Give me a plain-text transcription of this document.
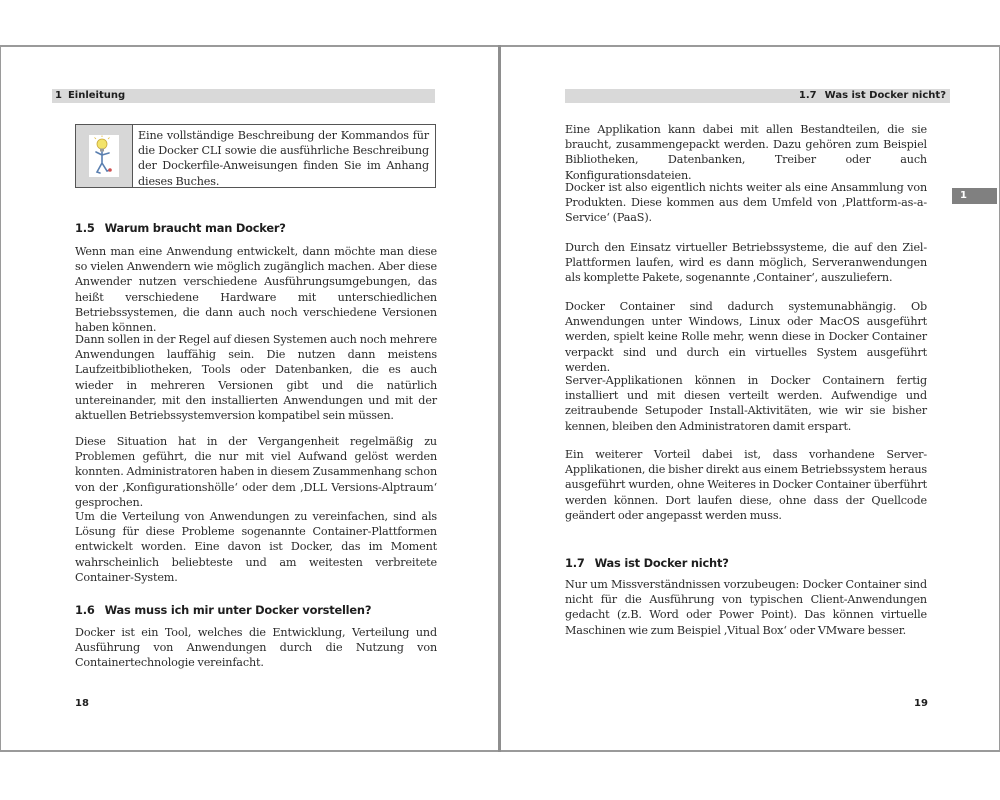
1 Einleitung
Eine vollständige Beschreibung der Kommandos für die Docker CLI sowie die ausführliche Beschreibung der Dockerfile-Anweisungen finden Sie im Anhang dieses Buches.
1.5 Warum braucht man Docker?

Wenn man eine Anwendung entwickelt, dann möchte man diese so vielen Anwendern wie möglich zugänglich machen. Aber diese Anwender nutzen verschiedene Ausführungsumgebungen, das heißt verschiedene Hardware mit unterschiedlichen Betriebssystemen, die dann auch noch verschiedene Versionen haben können.

Dann sollen in der Regel auf diesen Systemen auch noch mehrere Anwendungen lauffähig sein. Die nutzen dann meistens Laufzeitbibliotheken, Tools oder Datenbanken, die es auch wieder in mehreren Versionen gibt und die natürlich untereinander, mit den installierten Anwendungen und mit der aktuellen Betriebssystemversion kompatibel sein müssen.

Diese Situation hat in der Vergangenheit regelmäßig zu Problemen geführt, die nur mit viel Aufwand gelöst werden konnten. Administratoren haben in diesem Zusammenhang schon von der ‚Konfigurationshölle‘ oder dem ‚DLL Versions-Alptraum‘ gesprochen.

Um die Verteilung von Anwendungen zu vereinfachen, sind als Lösung für diese Probleme sogenannte Container-Plattformen entwickelt worden. Eine davon ist Docker, das im Moment wahrscheinlich beliebteste und am weitesten verbreitete Container-System.

1.6 Was muss ich mir unter Docker vorstellen?

Docker ist ein Tool, welches die Entwicklung, Verteilung und Ausführung von Anwendungen durch die Nutzung von Containertechnologie vereinfacht.

18
1.7 Was ist Docker nicht?
1

Eine Applikation kann dabei mit allen Bestandteilen, die sie braucht, zusammengepackt werden. Dazu gehören zum Beispiel Bibliotheken, Datenbanken, Treiber oder auch Konfigurationsdateien.

Docker ist also eigentlich nichts weiter als eine Ansammlung von Produkten. Diese kommen aus dem Umfeld von ‚Plattform-as-a-Service‘ (PaaS).

Durch den Einsatz virtueller Betriebssysteme, die auf den Ziel-Plattformen laufen, wird es dann möglich, Serveranwendungen als komplette Pakete, sogenannte ‚Container‘, auszuliefern.

Docker Container sind dadurch systemunabhängig. Ob Anwendungen unter Windows, Linux oder MacOS ausgeführt werden, spielt keine Rolle mehr, wenn diese in Docker Container verpackt sind und durch ein virtuelles System ausgeführt werden.

Server-Applikationen können in Docker Containern fertig installiert und mit diesen verteilt werden. Aufwendige und zeitraubende Setupoder Install-Aktivitäten, wie wir sie bisher kennen, bleiben den Administratoren damit erspart.

Ein weiterer Vorteil dabei ist, dass vorhandene Server-Applikationen, die bisher direkt aus einem Betriebssystem heraus ausgeführt wurden, ohne Weiteres in Docker Container überführt werden können. Dort laufen diese, ohne dass der Quellcode geändert oder angepasst werden muss.

1.7 Was ist Docker nicht?

Nur um Missverständnissen vorzubeugen: Docker Container sind nicht für die Ausführung von typischen Client-Anwendungen gedacht (z.B. Word oder Power Point). Das können virtuelle Maschinen wie zum Beispiel ‚Vitual Box‘ oder VMware besser.

19
